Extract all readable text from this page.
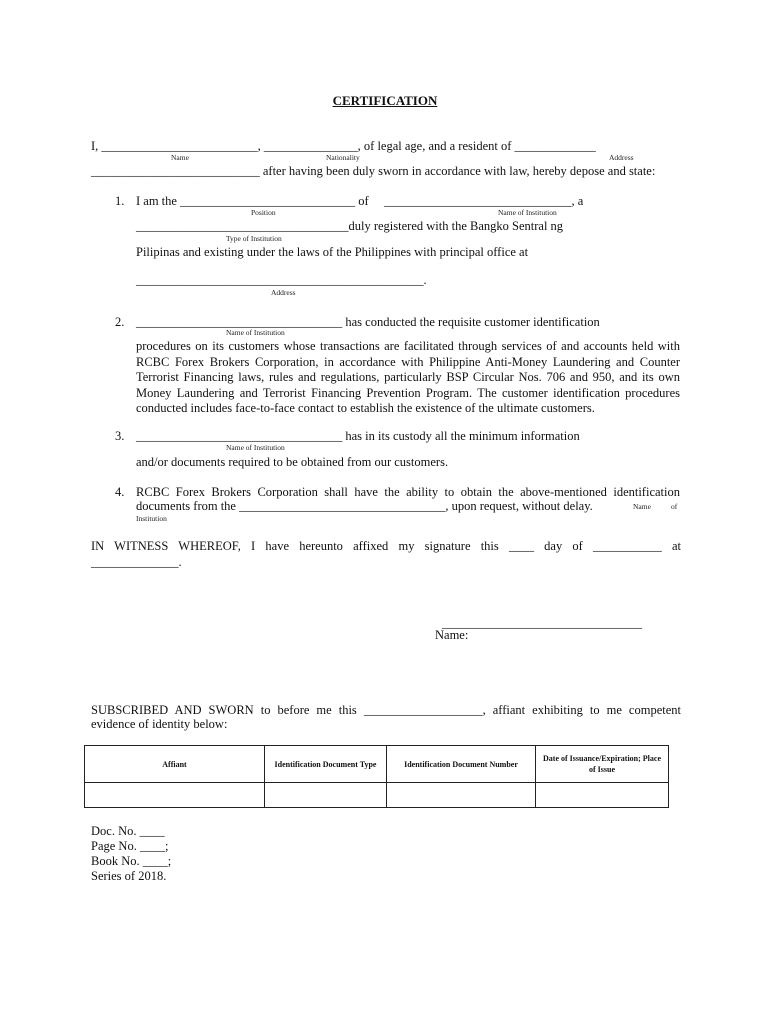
CERTIFICATION
I, _________________________, _______________, of legal age, and a resident of _____________
Name	Nationality	Address
___________________________ after having been duly sworn in accordance with law, hereby depose and state:
1. I am the ____________________________ of ______________________________, a
Position	Name of Institution
__________________________________duly registered with the Bangko Sentral ng
Type of Institution
Pilipinas and existing under the laws of the Philippines with principal office at
______________________________________________.
Address
2. _________________________________ has conducted the requisite customer identification
Name of Institution
procedures on its customers whose transactions are facilitated through services of and accounts held with
RCBC Forex Brokers Corporation, in accordance with Philippine Anti-Money Laundering and Counter
Terrorist Financing laws, rules and regulations, particularly BSP Circular Nos. 706 and 950, and its own
Money Laundering and Terrorist Financing Prevention Program. The customer identification procedures
conducted includes face-to-face contact to establish the existence of the ultimate customers.
3. _________________________________ has in its custody all the minimum information
Name of Institution
and/or documents required to be obtained from our customers.
4. RCBC Forex Brokers Corporation shall have the ability to obtain the above-mentioned identification
documents from the _________________________________, upon request, without delay.	Name	of
Institution
IN WITNESS WHEREOF, I have hereunto affixed my signature this ____ day of ___________ at
______________.
________________________________
Name:
SUBSCRIBED AND SWORN to before me this ___________________, affiant exhibiting to me competent
evidence of identity below:
Affiant	Identification Document Type	Identification Document Number	Date of Issuance/Expiration; Place of Issue

Doc. No. ____
Page No. ____;
Book No. ____;
Series of 2018.
